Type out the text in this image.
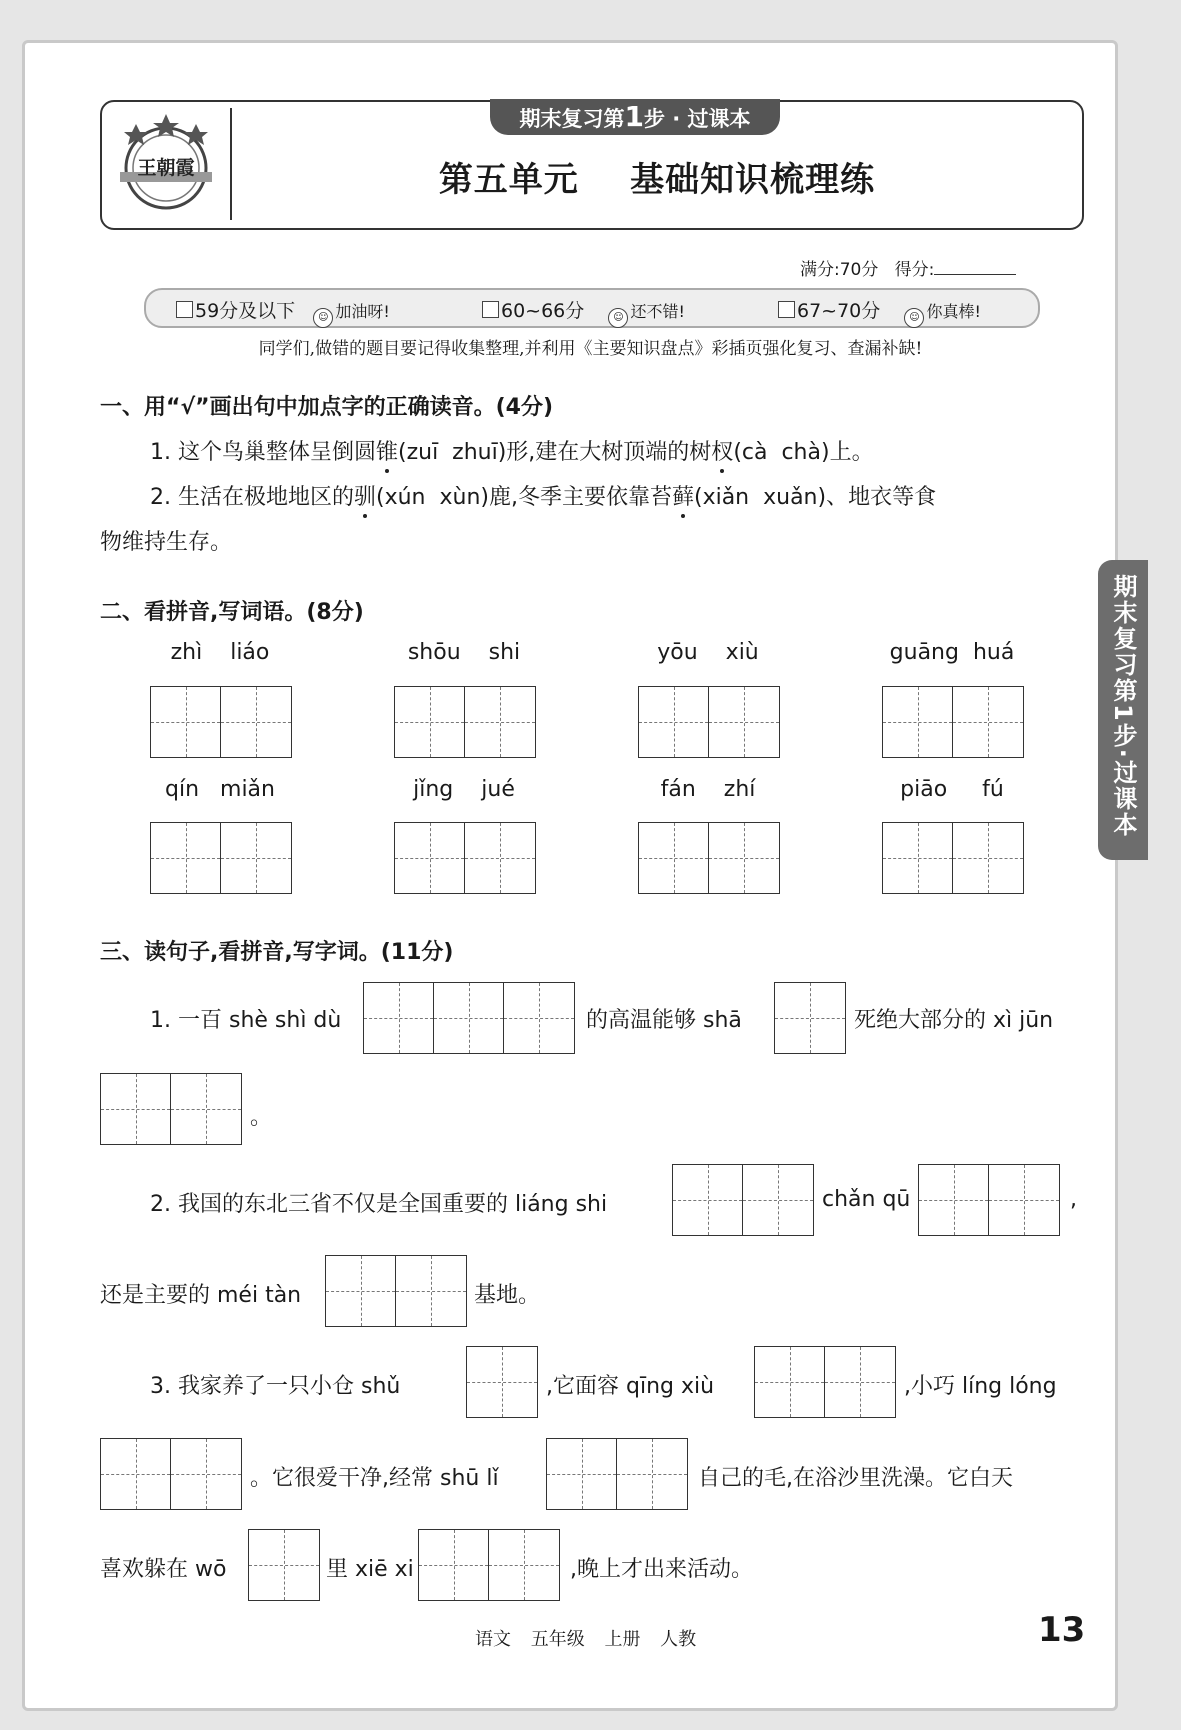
王朝霞
期末复习第1步 · 过课本
第五单元    基础知识梳理练
满分:70分 得分:
59分及以下 ☺ 加油呀!	60~66分	☺ 还不错!	67~70分	☺ 你真棒!
同学们,做错的题目要记得收集整理,并利用《主要知识盘点》彩插页强化复习、查漏补缺!
一、用“√”画出句中加点字的正确读音。(4分)
1. 这个鸟巢整体呈倒圆锥(zuī  zhuī)形,建在大树顶端的树杈(cà  chà)上。
2. 生活在极地地区的驯(xún  xùn)鹿,冬季主要依靠苔藓(xiǎn  xuǎn)、地衣等食
物维持生存。
二、看拼音,写词语。(8分)
zhì liáo	shōu shi	yōu xiù	guāng huá
qín miǎn	jǐng jué	fán zhí	piāo fú
三、读句子,看拼音,写字词。(11分)
1. 一百 shè shì dù	的高温能够 shā	死绝大部分的 xì jūn
。
2. 我国的东北三省不仅是全国重要的 liáng shi	chǎn qū	,
还是主要的 méi tàn	基地。
3. 我家养了一只小仓 shǔ	,它面容 qīng xiù	,小巧 líng lóng
。它很爱干净,经常 shū lǐ	自己的毛,在浴沙里洗澡。它白天
喜欢躲在 wō	里 xiē xi	,晚上才出来活动。
期末复习第1步·过课本
语文 五年级 上册 人教	13
